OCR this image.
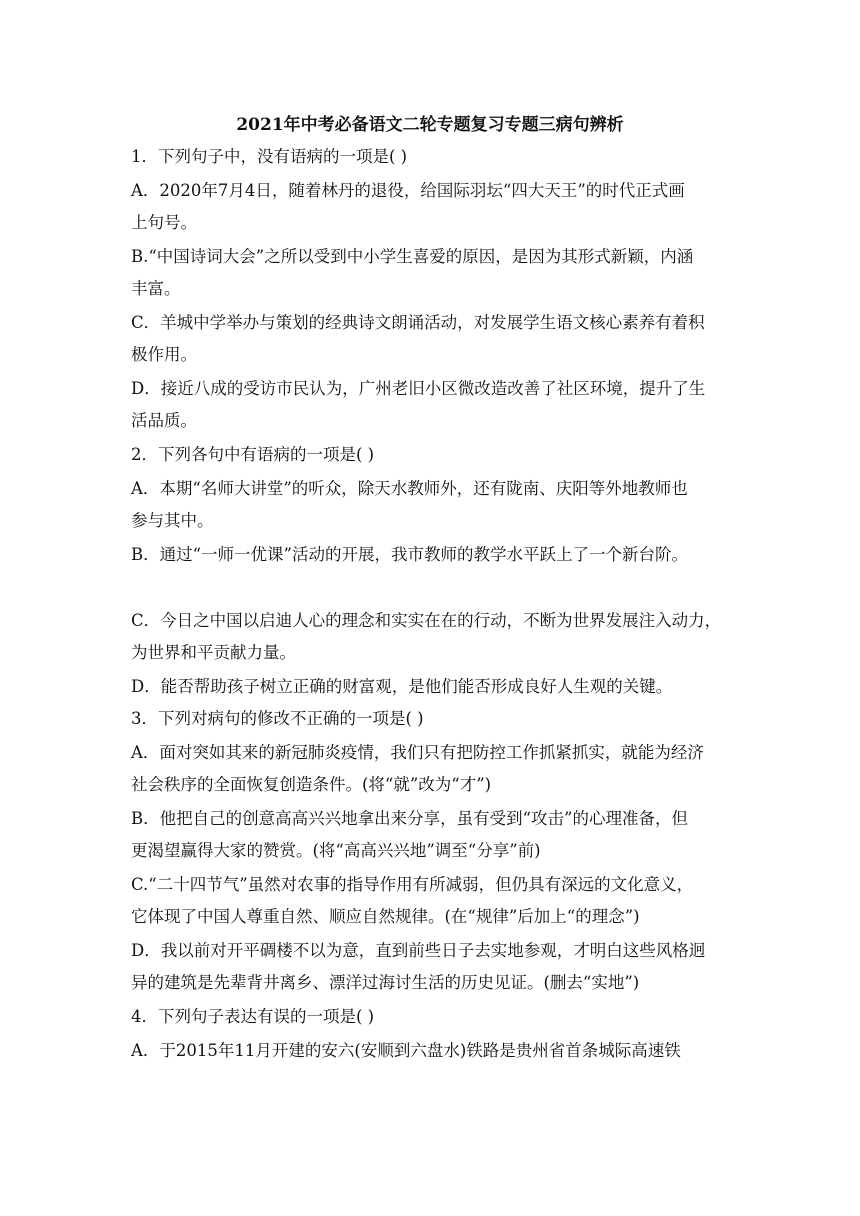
2021年中考必备语文二轮专题复习专题三病句辨析
1．下列句子中，没有语病的一项是( )
A．2020年7月4日，随着林丹的退役，给国际羽坛“四大天王”的时代正式画
上句号。
B.“中国诗词大会”之所以受到中小学生喜爱的原因，是因为其形式新颖，内涵
丰富。
C．羊城中学举办与策划的经典诗文朗诵活动，对发展学生语文核心素养有着积
极作用。
D．接近八成的受访市民认为，广州老旧小区微改造改善了社区环境，提升了生
活品质。
2．下列各句中有语病的一项是( )
A．本期“名师大讲堂”的听众，除天水教师外，还有陇南、庆阳等外地教师也
参与其中。
B．通过“一师一优课”活动的开展，我市教师的教学水平跃上了一个新台阶。
C．今日之中国以启迪人心的理念和实实在在的行动，不断为世界发展注入动力，
为世界和平贡献力量。
D．能否帮助孩子树立正确的财富观，是他们能否形成良好人生观的关键。
3．下列对病句的修改不正确的一项是( )
A．面对突如其来的新冠肺炎疫情，我们只有把防控工作抓紧抓实，就能为经济
社会秩序的全面恢复创造条件。(将“就”改为“才”)
B．他把自己的创意高高兴兴地拿出来分享，虽有受到“攻击”的心理准备，但
更渴望赢得大家的赞赏。(将“高高兴兴地”调至“分享”前)
C.“二十四节气”虽然对农事的指导作用有所减弱，但仍具有深远的文化意义，
它体现了中国人尊重自然、顺应自然规律。(在“规律”后加上“的理念”)
D．我以前对开平碉楼不以为意，直到前些日子去实地参观，才明白这些风格迥
异的建筑是先辈背井离乡、漂洋过海讨生活的历史见证。(删去“实地”)
4．下列句子表达有误的一项是( )
A．于2015年11月开建的安六(安顺到六盘水)铁路是贵州省首条城际高速铁
